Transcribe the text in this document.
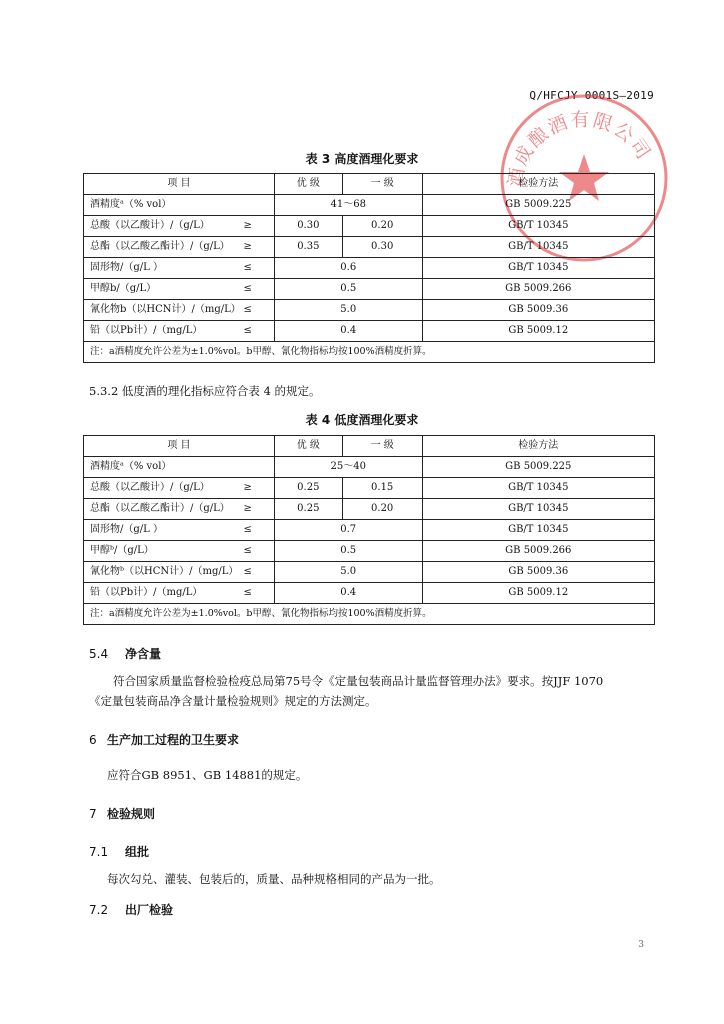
Q/HFCJY 0001S—2019
酒成酿酒有限公司
表 3 高度酒理化要求
项 目	优 级	一 级	检验方法
酒精度ᵃ（% vol）	41～68		GB 5009.225
总酸（以乙酸计）/（g/L） ≥	0.30	0.20	GB/T 10345
总酯（以乙酸乙酯计）/（g/L） ≥	0.35	0.30	GB/T 10345
固形物/（g/L ） ≤	0.6		GB/T 10345
甲醇b/（g/L） ≤	0.5		GB 5009.266
氰化物b（以HCN计）/（mg/L） ≤	5.0		GB 5009.36
铅（以Pb计）/（mg/L） ≤	0.4		GB 5009.12
注：a酒精度允许公差为±1.0%vol。b甲醇、氰化物指标均按100%酒精度折算。			
5.3.2 低度酒的理化指标应符合表 4 的规定。
表 4 低度酒理化要求
项 目	优 级	一 级	检验方法
酒精度ᵃ（% vol）	25～40		GB 5009.225
总酸（以乙酸计）/（g/L） ≥	0.25	0.15	GB/T 10345
总酯（以乙酸乙酯计）/（g/L） ≥	0.25	0.20	GB/T 10345
固形物/（g/L ） ≤	0.7		GB/T 10345
甲醇ᵇ/（g/L） ≤	0.5		GB 5009.266
氰化物ᵇ（以HCN计）/（mg/L） ≤	5.0		GB 5009.36
铅（以Pb计）/（mg/L） ≤	0.4		GB 5009.12
注：a酒精度允许公差为±1.0%vol。b甲醇、氰化物指标均按100%酒精度折算。			
5.4 净含量
符合国家质量监督检验检疫总局第75号令《定量包装商品计量监督管理办法》要求。按JJF 1070
《定量包装商品净含量计量检验规则》规定的方法测定。
6 生产加工过程的卫生要求
应符合GB 8951、GB 14881的规定。
7 检验规则
7.1 组批
每次勾兑、灌装、包装后的，质量、品种规格相同的产品为一批。
7.2 出厂检验
3
